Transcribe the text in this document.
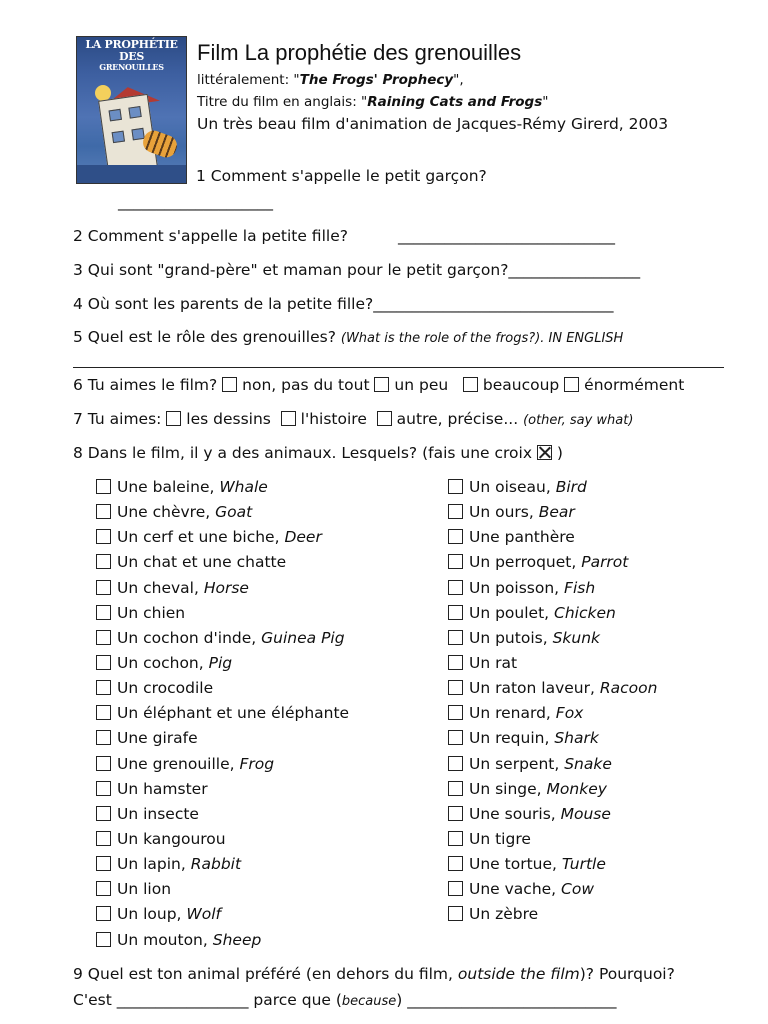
LA PROPHÉTIE DES
GRENOUILLES
Film La prophétie des grenouilles
littéralement: "The Frogs' Prophecy",
Titre du film en anglais: "Raining Cats and Frogs"
Un très beau film d'animation de Jacques-Rémy Girerd, 2003
1 Comment s'appelle le petit garçon?
____________________
2 Comment s'appelle la petite fille?	____________________________
3 Qui sont "grand-père" et maman pour le petit garçon?_________________
4 Où sont les parents de la petite fille?_______________________________
5 Quel est le rôle des grenouilles? (What is the role of the frogs?). IN ENGLISH
6 Tu aimes le film? non, pas du tout un peu beaucoup énormément
7 Tu aimes: les dessins l'histoire autre, précise... (other, say what)
8 Dans le film, il y a des animaux. Lesquels? (fais une croix )
Une baleine, Whale
Une chèvre, Goat
Un cerf et une biche, Deer
Un chat et une chatte
Un cheval, Horse
Un chien
Un cochon d'inde, Guinea Pig
Un cochon, Pig
Un crocodile
Un éléphant et une éléphante
Une girafe
Une grenouille, Frog
Un hamster
Un insecte
Un kangourou
Un lapin, Rabbit
Un lion
Un loup, Wolf
Un mouton, Sheep
Un oiseau, Bird
Un ours, Bear
Une panthère
Un perroquet, Parrot
Un poisson, Fish
Un poulet, Chicken
Un putois, Skunk
Un rat
Un raton laveur, Racoon
Un renard, Fox
Un requin, Shark
Un serpent, Snake
Un singe, Monkey
Une souris, Mouse
Un tigre
Une tortue, Turtle
Une vache, Cow
Un zèbre
9 Quel est ton animal préféré (en dehors du film, outside the film)? Pourquoi?
C'est _________________ parce que (because) ___________________________
